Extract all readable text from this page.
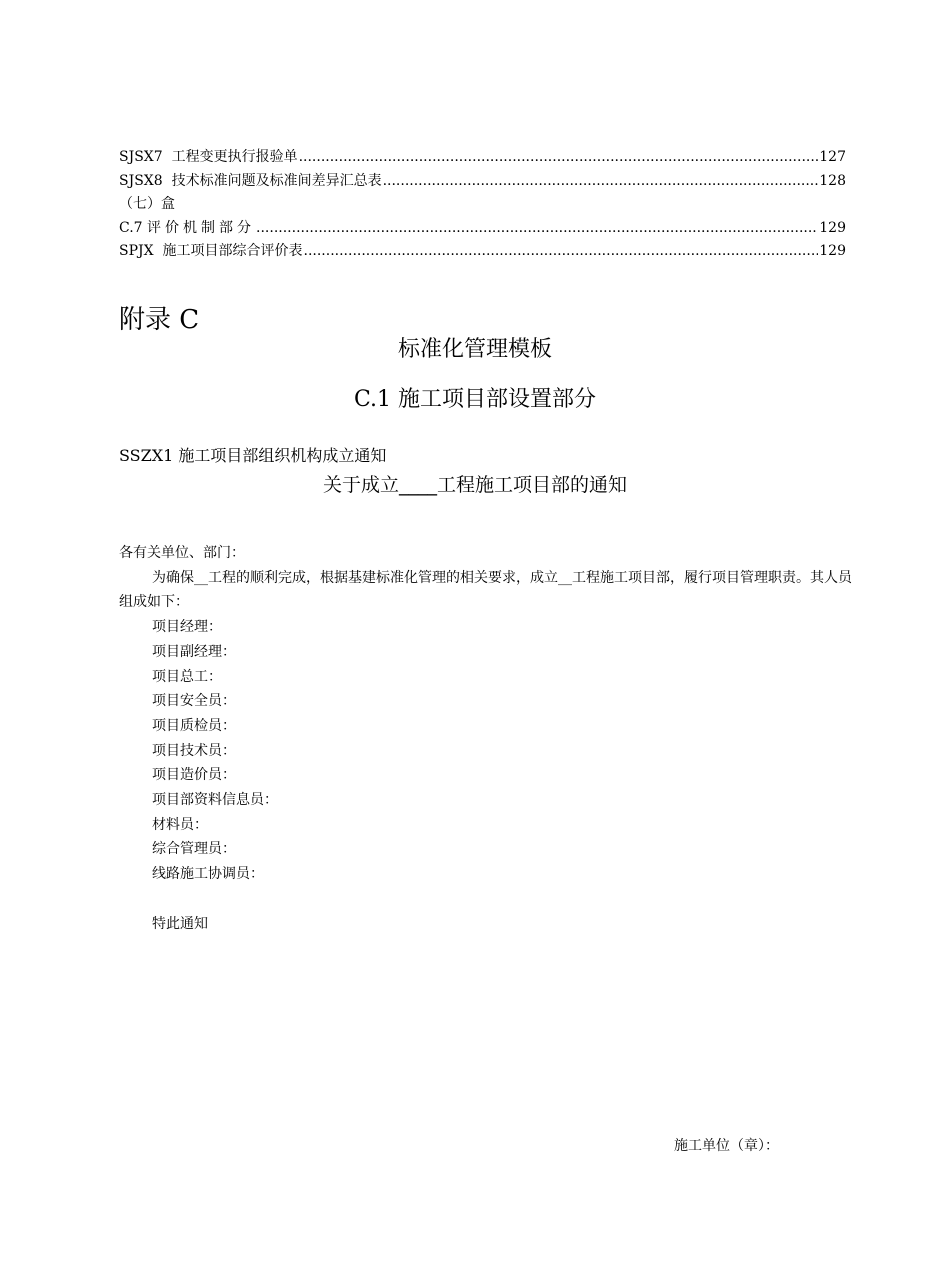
SJSX7 工程变更执行报验单 .....	127
SJSX8 技术标准问题及标准间差异汇总表 .....	128
（七）盒
C.7 评价机制部分 .....	129
SPJX 施工项目部综合评价表 .....	129
附录 C
标准化管理模板
C.1 施工项目部设置部分
SSZX1 施工项目部组织机构成立通知
关于成立____工程施工项目部的通知

各有关单位、部门：

为确保__工程的顺利完成，根据基建标准化管理的相关要求，成立__工程施工项目部，履行项目管理职责。其人员组成如下：

项目经理：

项目副经理：

项目总工：

项目安全员：

项目质检员：

项目技术员：

项目造价员：

项目部资料信息员：

材料员：

综合管理员：

线路施工协调员：

特此通知

施工单位（章）：
